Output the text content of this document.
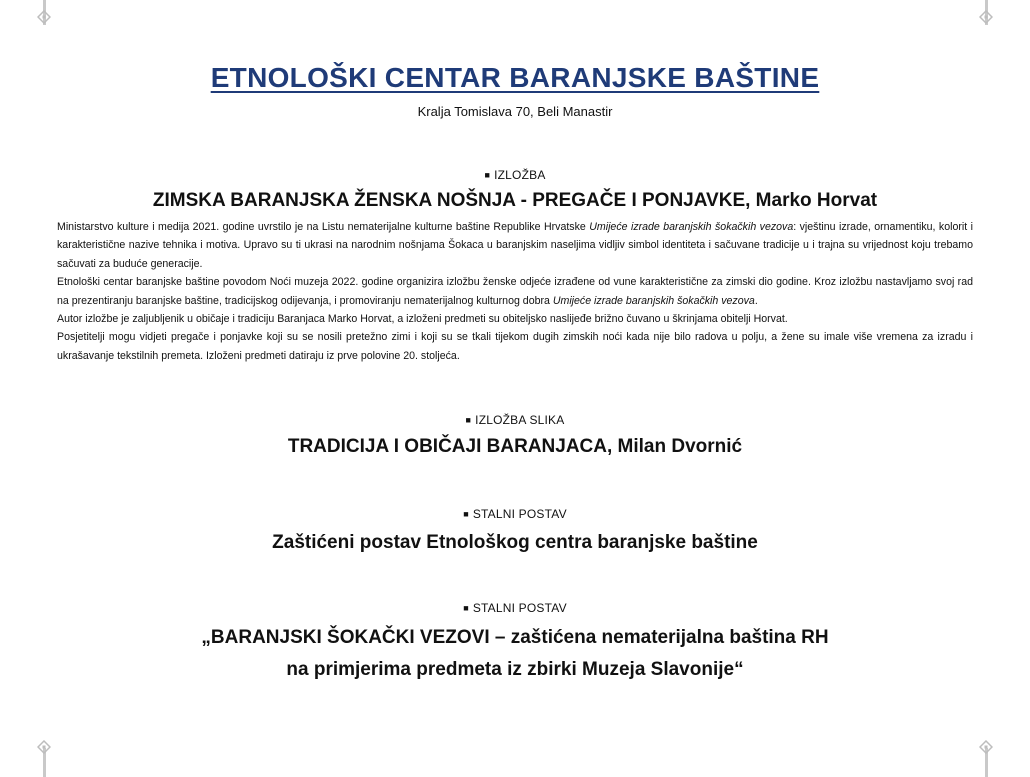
ETNOLOŠKI CENTAR BARANJSKE BAŠTINE
Kralja Tomislava 70, Beli Manastir
■ IZLOŽBA
ZIMSKA BARANJSKA ŽENSKA NOŠNJA - PREGAČE I PONJAVKE, Marko Horvat

Ministarstvo kulture i medija 2021. godine uvrstilo je na Listu nematerijalne kulturne baštine Republike Hrvatske Umijeće izrade baranjskih šokačkih vezova: vještinu izrade, ornamentiku, kolorit i karakteristične nazive tehnika i motiva. Upravo su ti ukrasi na narodnim nošnjama Šokaca u baranjskim naseljima vidljiv simbol identiteta i sačuvane tradicije u i trajna su vrijednost koju trebamo sačuvati za buduće generacije.

Etnološki centar baranjske baštine povodom Noći muzeja 2022. godine organizira izložbu ženske odjeće izrađene od vune karakteristične za zimski dio godine. Kroz izložbu nastavljamo svoj rad na prezentiranju baranjske baštine, tradicijskog odijevanja, i promoviranju nematerijalnog kulturnog dobra Umijeće izrade baranjskih šokačkih vezova.

Autor izložbe je zaljubljenik u običaje i tradiciju Baranjaca Marko Horvat, a izloženi predmeti su obiteljsko naslijeđe brižno čuvano u škrinjama obitelji Horvat.

Posjetitelji mogu vidjeti pregače i ponjavke koji su se nosili pretežno zimi i koji su se tkali tijekom dugih zimskih noći kada nije bilo radova u polju, a žene su imale više vremena za izradu i ukrašavanje tekstilnih premeta. Izloženi predmeti datiraju iz prve polovine 20. stoljeća.

■ IZLOŽBA SLIKA
TRADICIJA I OBIČAJI BARANJACA, Milan Dvornić
■ STALNI POSTAV
Zaštićeni postav Etnološkog centra baranjske baštine
■ STALNI POSTAV
„BARANJSKI ŠOKAČKI VEZOVI – zaštićena nematerijalna baština RH
na primjerima predmeta iz zbirki Muzeja Slavonije“
